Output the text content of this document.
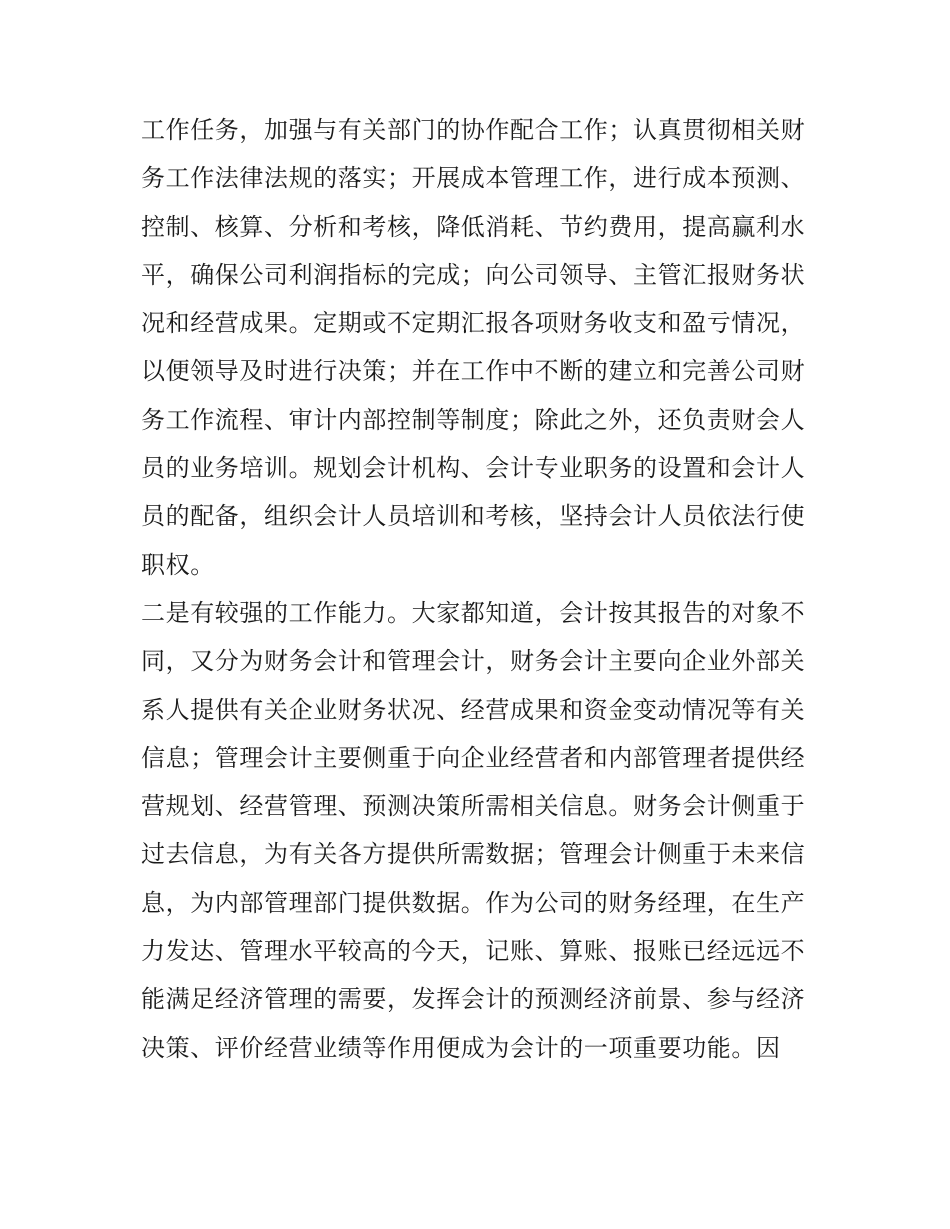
工作任务，加强与有关部门的协作配合工作；认真贯彻相关财
务工作法律法规的落实；开展成本管理工作，进行成本预测、
控制、核算、分析和考核，降低消耗、节约费用，提高赢利水
平，确保公司利润指标的完成；向公司领导、主管汇报财务状
况和经营成果。定期或不定期汇报各项财务收支和盈亏情况，
以便领导及时进行决策；并在工作中不断的建立和完善公司财
务工作流程、审计内部控制等制度；除此之外，还负责财会人
员的业务培训。规划会计机构、会计专业职务的设置和会计人
员的配备，组织会计人员培训和考核，坚持会计人员依法行使
职权。
二是有较强的工作能力。大家都知道，会计按其报告的对象不
同，又分为财务会计和管理会计，财务会计主要向企业外部关
系人提供有关企业财务状况、经营成果和资金变动情况等有关
信息；管理会计主要侧重于向企业经营者和内部管理者提供经
营规划、经营管理、预测决策所需相关信息。财务会计侧重于
过去信息，为有关各方提供所需数据；管理会计侧重于未来信
息，为内部管理部门提供数据。作为公司的财务经理，在生产
力发达、管理水平较高的今天，记账、算账、报账已经远远不
能满足经济管理的需要，发挥会计的预测经济前景、参与经济
决策、评价经营业绩等作用便成为会计的一项重要功能。因
